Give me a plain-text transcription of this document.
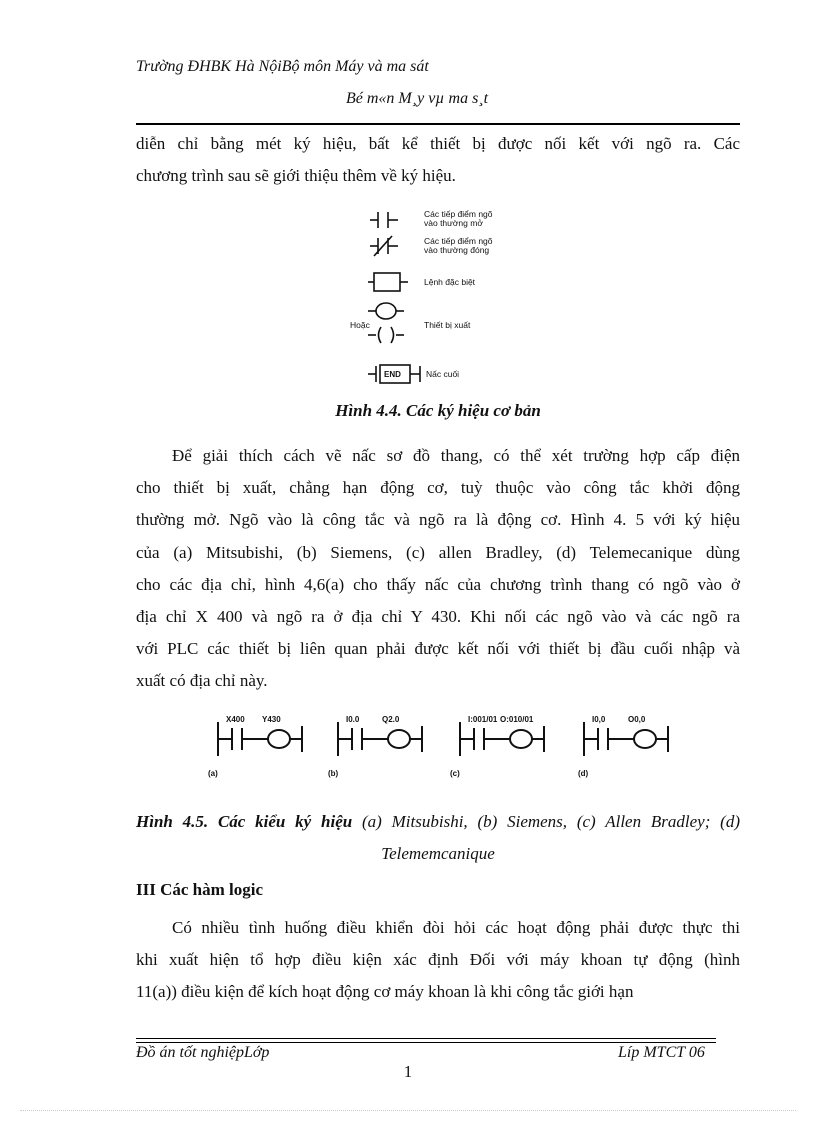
Trường ĐHBK Hà NộiBộ môn Máy và ma sát
Bé m«n M¸y vµ ma s¸t
diễn chỉ bằng mét ký hiệu, bất kể thiết bị được nối kết với ngõ ra. Các
chương trình sau sẽ giới thiệu thêm về ký hiệu.
Các tiếp điểm ngõ
vào thường mở
Các tiếp điểm ngõ
vào thường đóng
Lệnh đặc biệt
Hoặc	Thiết bị xuất
END	Nấc cuối
Hình 4.4. Các ký hiệu cơ bản
Để giải thích cách vẽ nấc sơ đồ thang, có thể xét trường hợp cấp điện
cho thiết bị xuất, chẳng hạn động cơ, tuỳ thuộc vào công tắc khởi động
thường mở. Ngõ vào là công tắc và ngõ ra là động cơ. Hình 4. 5 với ký hiệu
của (a) Mitsubishi, (b) Siemens, (c) allen Bradley, (d) Telemecanique dùng
cho các địa chỉ, hình 4,6(a) cho thấy nấc của chương trình thang có ngõ vào ở
địa chỉ X 400 và ngõ ra ở địa chỉ Y 430. Khi nối các ngõ vào và các ngõ ra
với PLC các thiết bị liên quan phải được kết nối với thiết bị đầu cuối nhập và
xuất có địa chỉ này.
X400 Y430
(a)
I0.0	Q2.0
(b)
I:001/01 O:010/01
(c)
I0,0	O0,0
(d)
Hình 4.5. Các kiểu ký hiệu (a) Mitsubishi, (b) Siemens, (c) Allen Bradley; (d)
Telememcanique
III Các hàm logic
Có nhiều tình huống điều khiển đòi hỏi các hoạt động phải được thực thi
khi xuất hiện tổ hợp điều kiện xác định Đối với máy khoan tự động (hình
11(a)) điều kiện để kích hoạt động cơ máy khoan là khi công tắc giới hạn
Đồ án tốt nghiệpLớp	Líp MTCT 06
1
